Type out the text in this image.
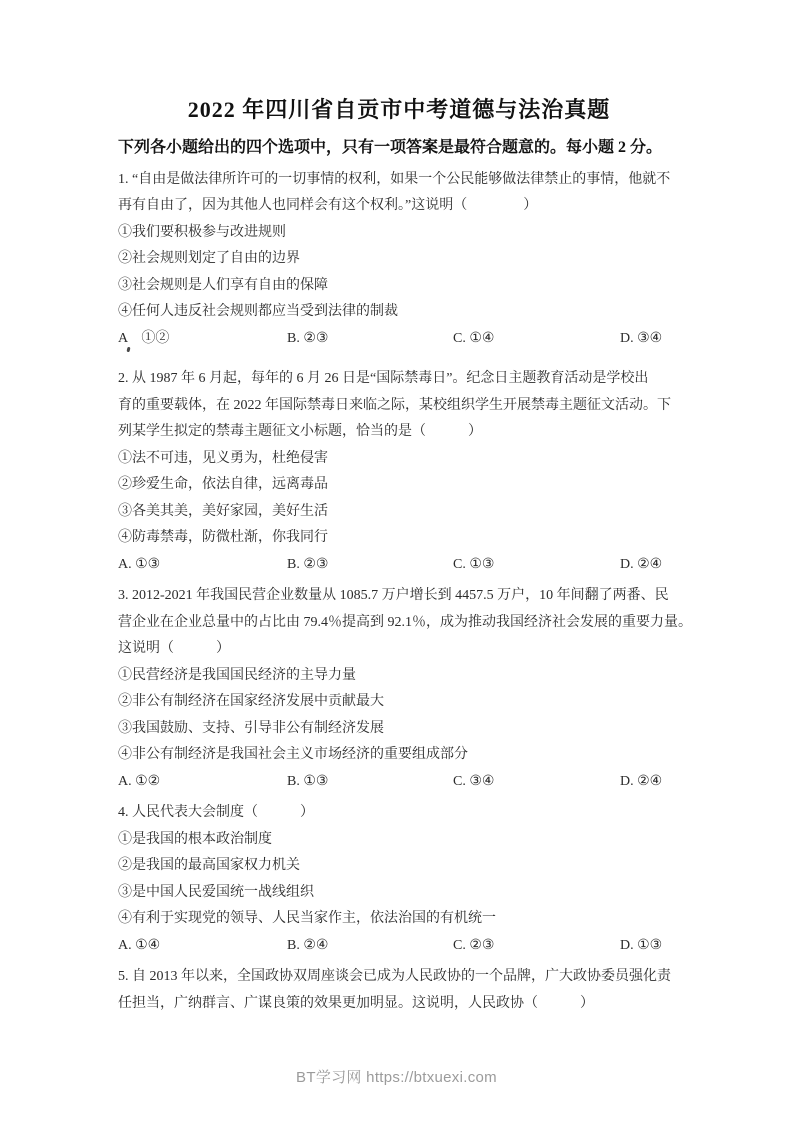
2022 年四川省自贡市中考道德与法治真题
下列各小题给出的四个选项中，只有一项答案是最符合题意的。每小题 2 分。
1. “自由是做法律所许可的一切事情的权利，如果一个公民能够做法律禁止的事情，他就不
再有自由了，因为其他人也同样会有这个权利。”这说明（　　　　）
①我们要积极参与改进规则
②社会规则划定了自由的边界
③社会规则是人们享有自由的保障
④任何人违反社会规则都应当受到法律的制裁
A　①②	B. ②③	C. ①④	D. ③④
2. 从 1987 年 6 月起，每年的 6 月 26 日是“国际禁毒日”。纪念日主题教育活动是学校出
育的重要载体，在 2022 年国际禁毒日来临之际，某校组织学生开展禁毒主题征文活动。下
列某学生拟定的禁毒主题征文小标题，恰当的是（　　　）
①法不可违，见义勇为，杜绝侵害
②珍爱生命，依法自律，远离毒品
③各美其美，美好家园，美好生活
④防毒禁毒，防微杜渐，你我同行
A. ①③	B. ②③	C. ①③	D. ②④
3. 2012-2021 年我国民营企业数量从 1085.7 万户增长到 4457.5 万户，10 年间翻了两番、民
营企业在企业总量中的占比由 79.4％提高到 92.1％，成为推动我国经济社会发展的重要力量。
这说明（　　　）
①民营经济是我国国民经济的主导力量
②非公有制经济在国家经济发展中贡献最大
③我国鼓励、支持、引导非公有制经济发展
④非公有制经济是我国社会主义市场经济的重要组成部分
A. ①②	B. ①③	C. ③④	D. ②④
4. 人民代表大会制度（　　　）
①是我国的根本政治制度
②是我国的最高国家权力机关
③是中国人民爱国统一战线组织
④有利于实现党的领导、人民当家作主，依法治国的有机统一
A. ①④	B. ②④	C. ②③	D. ①③
5. 自 2013 年以来，全国政协双周座谈会已成为人民政协的一个品牌，广大政协委员强化责
任担当，广纳群言、广谋良策的效果更加明显。这说明，人民政协（　　　）
BT学习网 https://btxuexi.com
